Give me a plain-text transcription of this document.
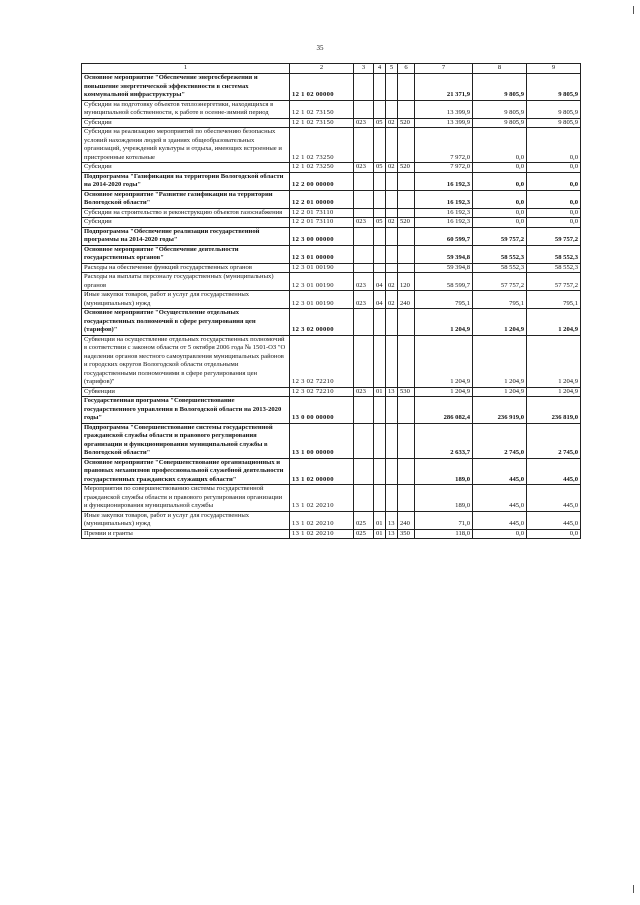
35
1	2	3	4	5	6	7	8	9
Основное мероприятие "Обеспечение энергосбережения и повышение энергетической эффективности в системах коммунальной инфраструктуры"	12 1 02 00000					21 371,9	9 805,9	9 805,9
Субсидии на подготовку объектов теплоэнергетики, находящихся в муниципальной собственности, к работе в осенне-зимний период	12 1 02 73150					13 399,9	9 805,9	9 805,9
Субсидии	12 1 02 73150	023	05	02	520	13 399,9	9 805,9	9 805,9
Субсидии на реализацию мероприятий по обеспечению безопасных условий нахождения людей в зданиях общеобразовательных организаций, учреждений культуры и отдыха, имеющих встроенные и пристроенные котельные	12 1 02 73250					7 972,0	0,0	0,0
Субсидии	12 1 02 73250	023	05	02	520	7 972,0	0,0	0,0
Подпрограмма "Газификация на территории Вологодской области на 2014-2020 годы"	12 2 00 00000					16 192,3	0,0	0,0
Основное мероприятие "Развитие газификации на территории Вологодской области"	12 2 01 00000					16 192,3	0,0	0,0
Субсидии на строительство и реконструкцию объектов газоснабжения	12 2 01 73110					16 192,3	0,0	0,0
Субсидии	12 2 01 73110	023	05	02	520	16 192,3	0,0	0,0
Подпрограмма "Обеспечение реализации государственной программы на 2014-2020 годы"	12 3 00 00000					60 599,7	59 757,2	59 757,2
Основное мероприятие "Обеспечение деятельности государственных органов"	12 3 01 00000					59 394,8	58 552,3	58 552,3
Расходы на обеспечение функций государственных органов	12 3 01 00190					59 394,8	58 552,3	58 552,3
Расходы на выплаты персоналу государственных (муниципальных) органов	12 3 01 00190	023	04	02	120	58 599,7	57 757,2	57 757,2
Иные закупки товаров, работ и услуг для государственных (муниципальных) нужд	12 3 01 00190	023	04	02	240	795,1	795,1	795,1
Основное мероприятие "Осуществление отдельных государственных полномочий в сфере регулирования цен (тарифов)"	12 3 02 00000					1 204,9	1 204,9	1 204,9
Субвенции на осуществление отдельных государственных полномочий в соответствии с законом области от 5 октября 2006 года № 1501-ОЗ "О наделении органов местного самоуправления муниципальных районов и городских округов Вологодской области отдельными государственными полномочиями в сфере регулирования цен (тарифов)"	12 3 02 72210					1 204,9	1 204,9	1 204,9
Субвенции	12 3 02 72210	023	01	13	530	1 204,9	1 204,9	1 204,9
Государственная программа "Совершенствование государственного управления в Вологодской области на 2013-2020 годы"	13 0 00 00000					286 082,4	236 919,0	236 819,0
Подпрограмма "Совершенствование системы государственной гражданской службы области и правового регулирования организации и функционирования муниципальной службы в Вологодской области"	13 1 00 00000					2 633,7	2 745,0	2 745,0
Основное мероприятие "Совершенствование организационных и правовых механизмов профессиональной служебной деятельности государственных гражданских служащих области"	13 1 02 00000					189,0	445,0	445,0
Мероприятия по совершенствованию системы государственной гражданской службы области и правового регулирования организации и функционирования муниципальной службы	13 1 02 20210					189,0	445,0	445,0
Иные закупки товаров, работ и услуг для государственных (муниципальных) нужд	13 1 02 20210	025	01	13	240	71,0	445,0	445,0
Премии и гранты	13 1 02 20210	025	01	13	350	118,0	0,0	0,0
